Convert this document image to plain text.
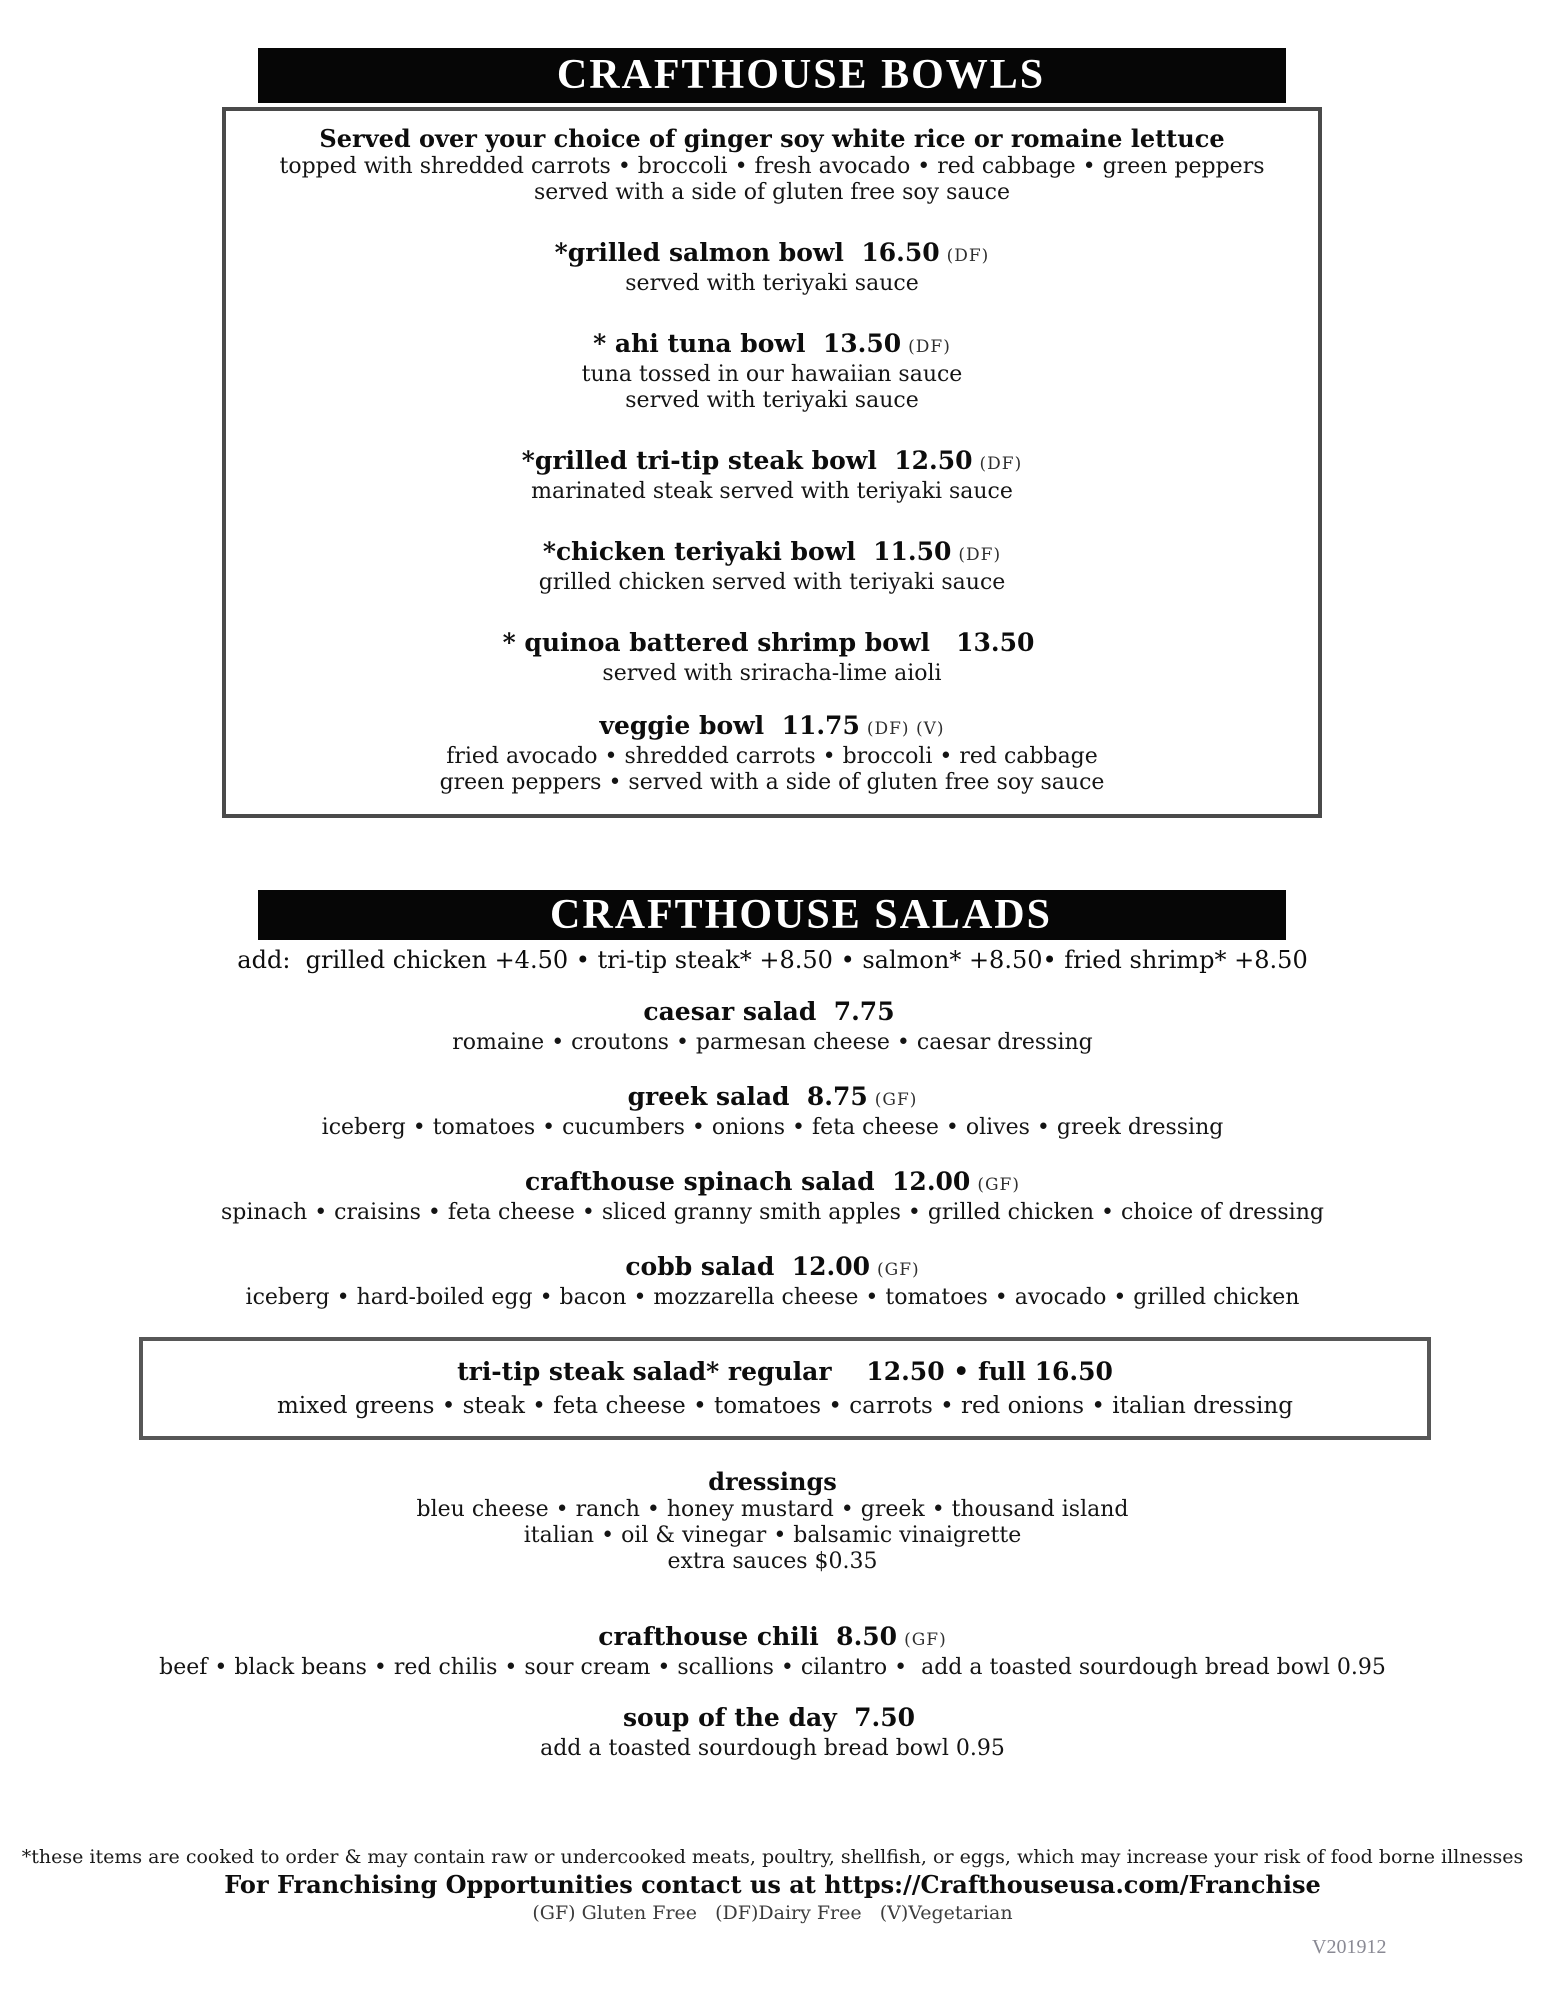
CRAFTHOUSE BOWLS
Served over your choice of ginger soy white rice or romaine lettuce
topped with shredded carrots • broccoli • fresh avocado • red cabbage • green peppers
served with a side of gluten free soy sauce
*grilled salmon bowl  16.50 (DF)
served with teriyaki sauce
* ahi tuna bowl  13.50 (DF)
tuna tossed in our hawaiian sauce
served with teriyaki sauce
*grilled tri-tip steak bowl  12.50 (DF)
marinated steak served with teriyaki sauce
*chicken teriyaki bowl  11.50 (DF)
grilled chicken served with teriyaki sauce
* quinoa battered shrimp bowl   13.50
served with sriracha-lime aioli
veggie bowl  11.75 (DF) (V)
fried avocado • shredded carrots • broccoli • red cabbage
green peppers • served with a side of gluten free soy sauce
CRAFTHOUSE SALADS
add:  grilled chicken +4.50 • tri-tip steak* +8.50 • salmon* +8.50• fried shrimp* +8.50
caesar salad  7.75
romaine • croutons • parmesan cheese • caesar dressing
greek salad  8.75 (GF)
iceberg • tomatoes • cucumbers • onions • feta cheese • olives • greek dressing
crafthouse spinach salad  12.00 (GF)
spinach • craisins • feta cheese • sliced granny smith apples • grilled chicken • choice of dressing
cobb salad  12.00 (GF)
iceberg • hard-boiled egg • bacon • mozzarella cheese • tomatoes • avocado • grilled chicken
tri-tip steak salad* regular    12.50 • full 16.50
mixed greens • steak • feta cheese • tomatoes • carrots • red onions • italian dressing
dressings
bleu cheese • ranch • honey mustard • greek • thousand island
italian • oil & vinegar • balsamic vinaigrette
extra sauces $0.35
crafthouse chili  8.50 (GF)
beef • black beans • red chilis • sour cream • scallions • cilantro •  add a toasted sourdough bread bowl 0.95
soup of the day  7.50
add a toasted sourdough bread bowl 0.95
*these items are cooked to order & may contain raw or undercooked meats, poultry, shellfish, or eggs, which may increase your risk of food borne illnesses
For Franchising Opportunities contact us at https://Crafthouseusa.com/Franchise
(GF) Gluten Free   (DF)Dairy Free   (V)Vegetarian
V201912
